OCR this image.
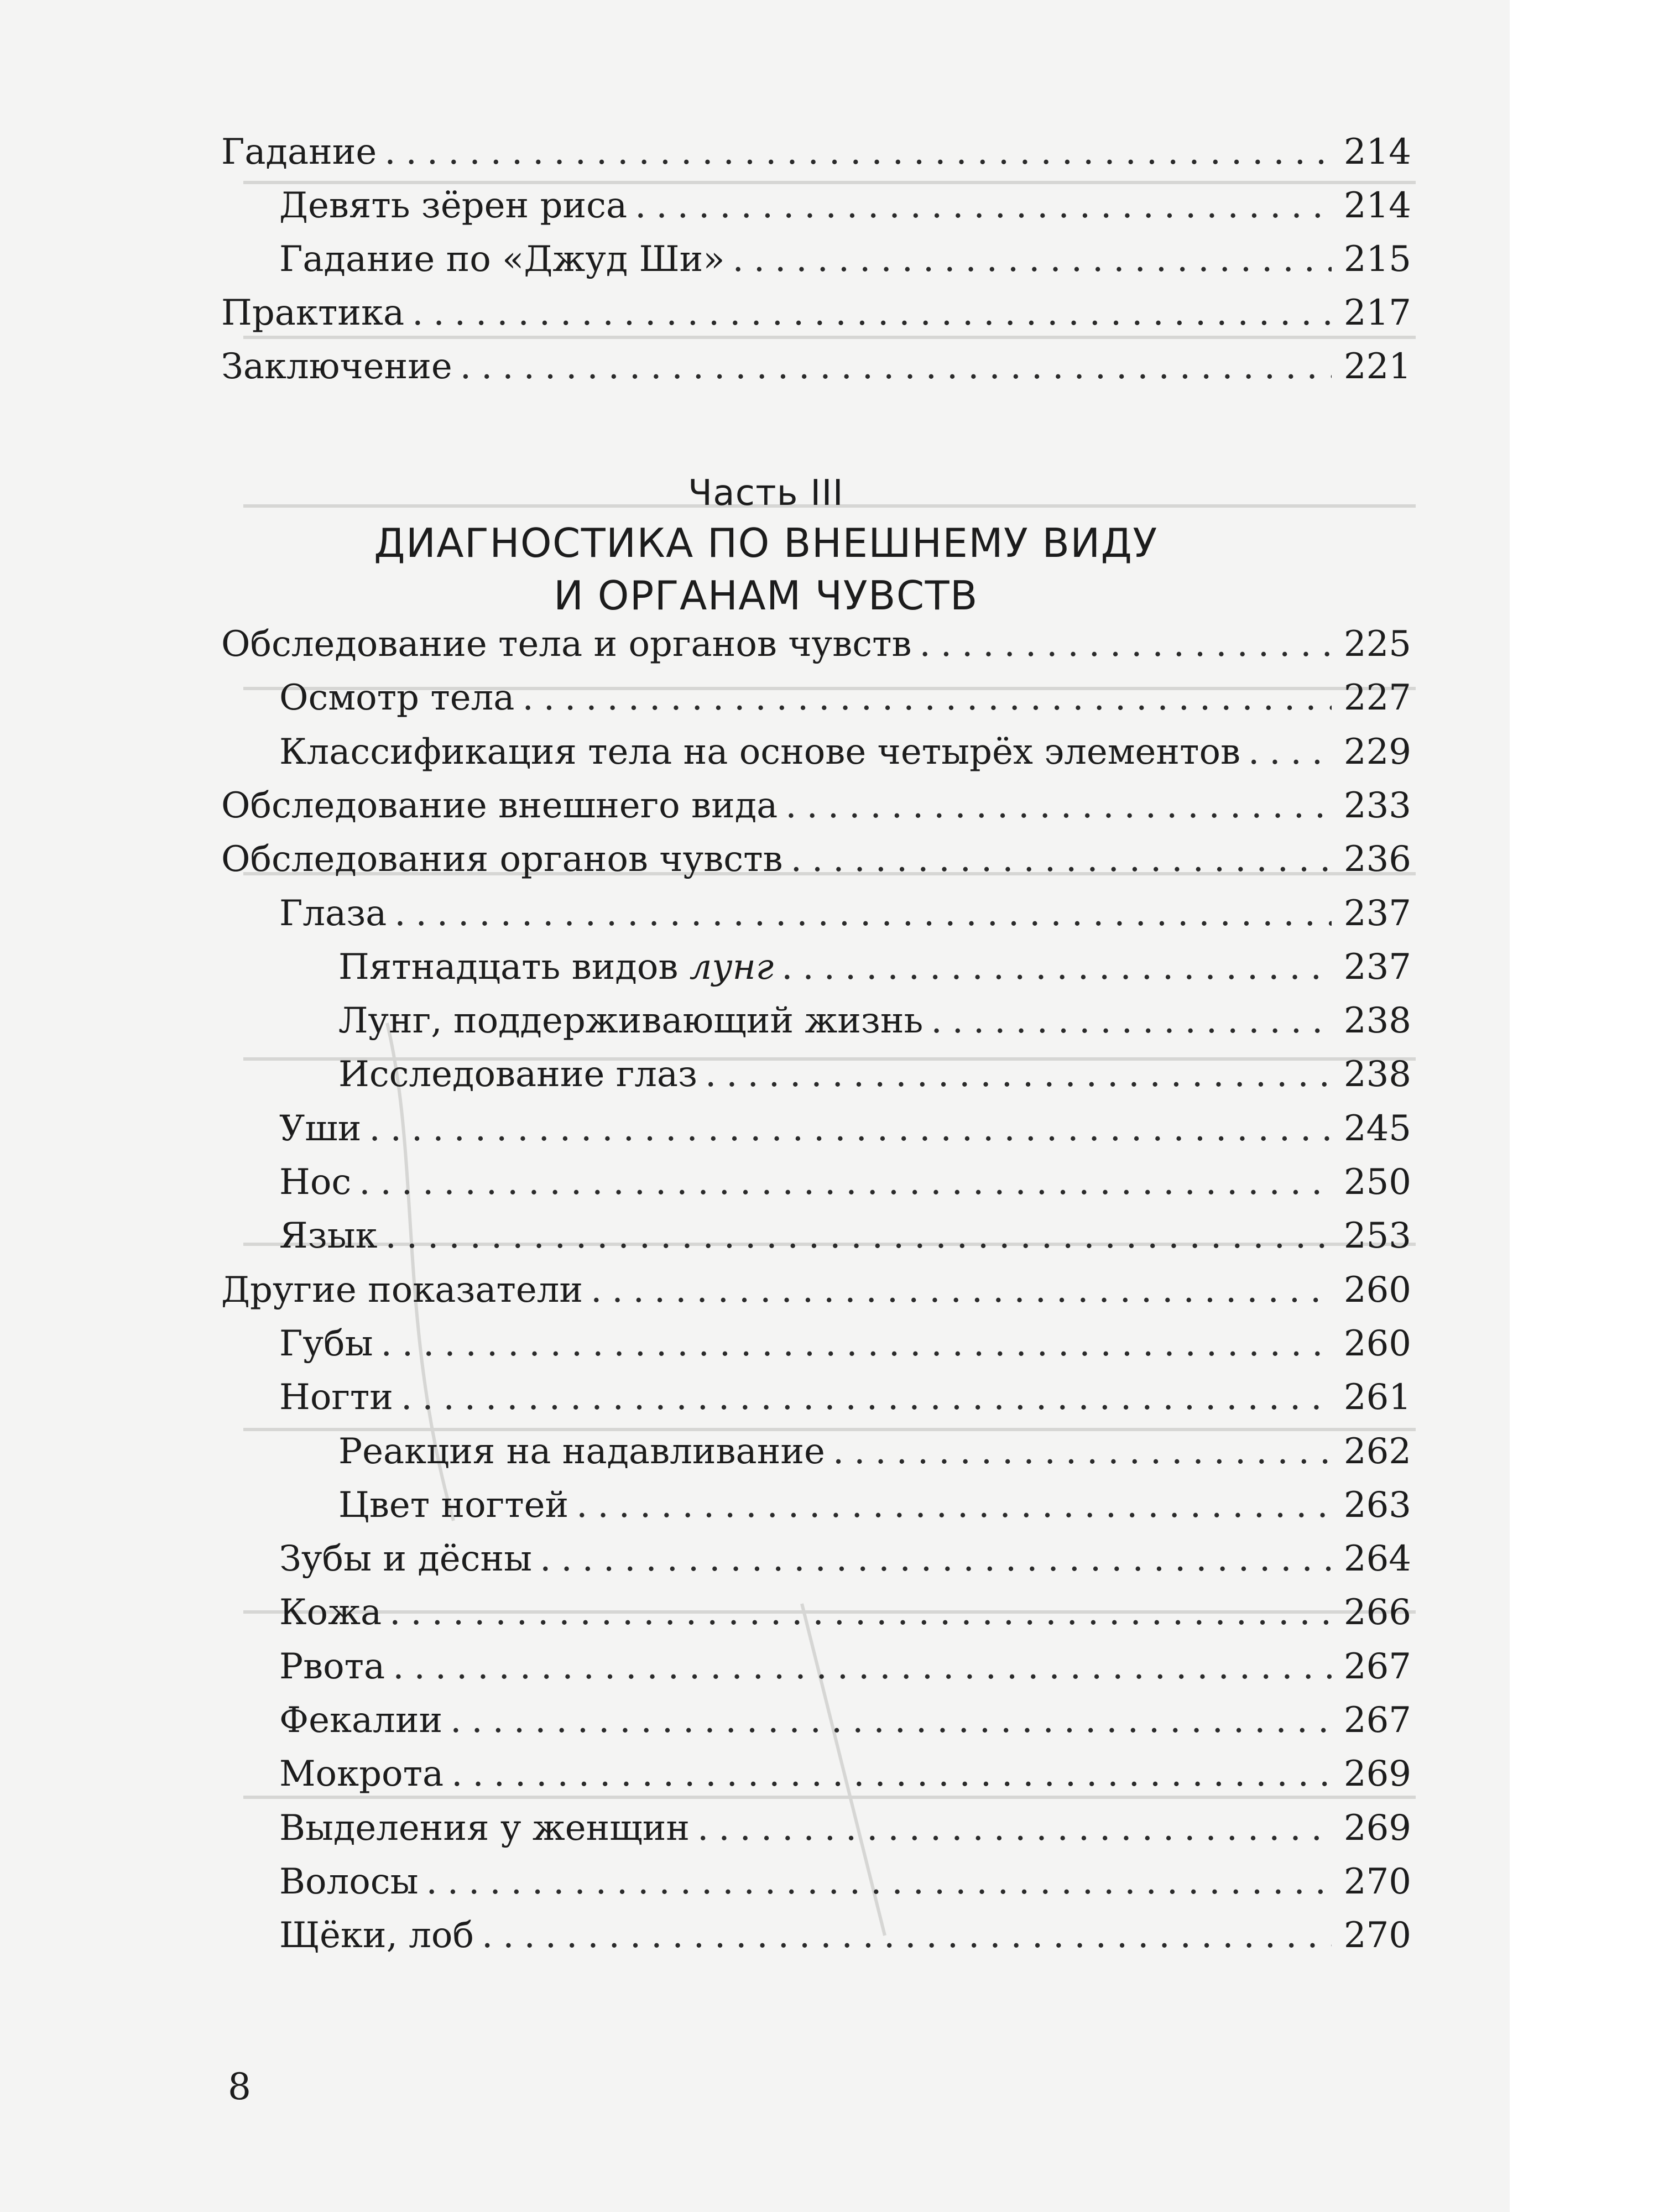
Часть III
ДИАГНОСТИКА ПО ВНЕШНЕМУ ВИДУ
И ОРГАНАМ ЧУВСТВ
Гадание .....	214
Девять зёрен риса .....	214
Гадание по «Джуд Ши» .....	215
Практика .....	217
Заключение .....	221
Обследование тела и органов чувств .....	225
Осмотр тела .....	227
Классификация тела на основе четырёх элементов .....	229
Обследование внешнего вида .....	233
Обследования органов чувств .....	236
Глаза .....	237
Пятнадцать видов лунг .....	237
Лунг, поддерживающий жизнь .....	238
Исследование глаз .....	238
Уши .....	245
Нос .....	250
Язык .....	253
Другие показатели .....	260
Губы .....	260
Ногти .....	261
Реакция на надавливание .....	262
Цвет ногтей .....	263
Зубы и дёсны .....	264
Кожа .....	266
Рвота .....	267
Фекалии .....	267
Мокрота .....	269
Выделения у женщин .....	269
Волосы .....	270
Щёки, лоб .....	270
8
